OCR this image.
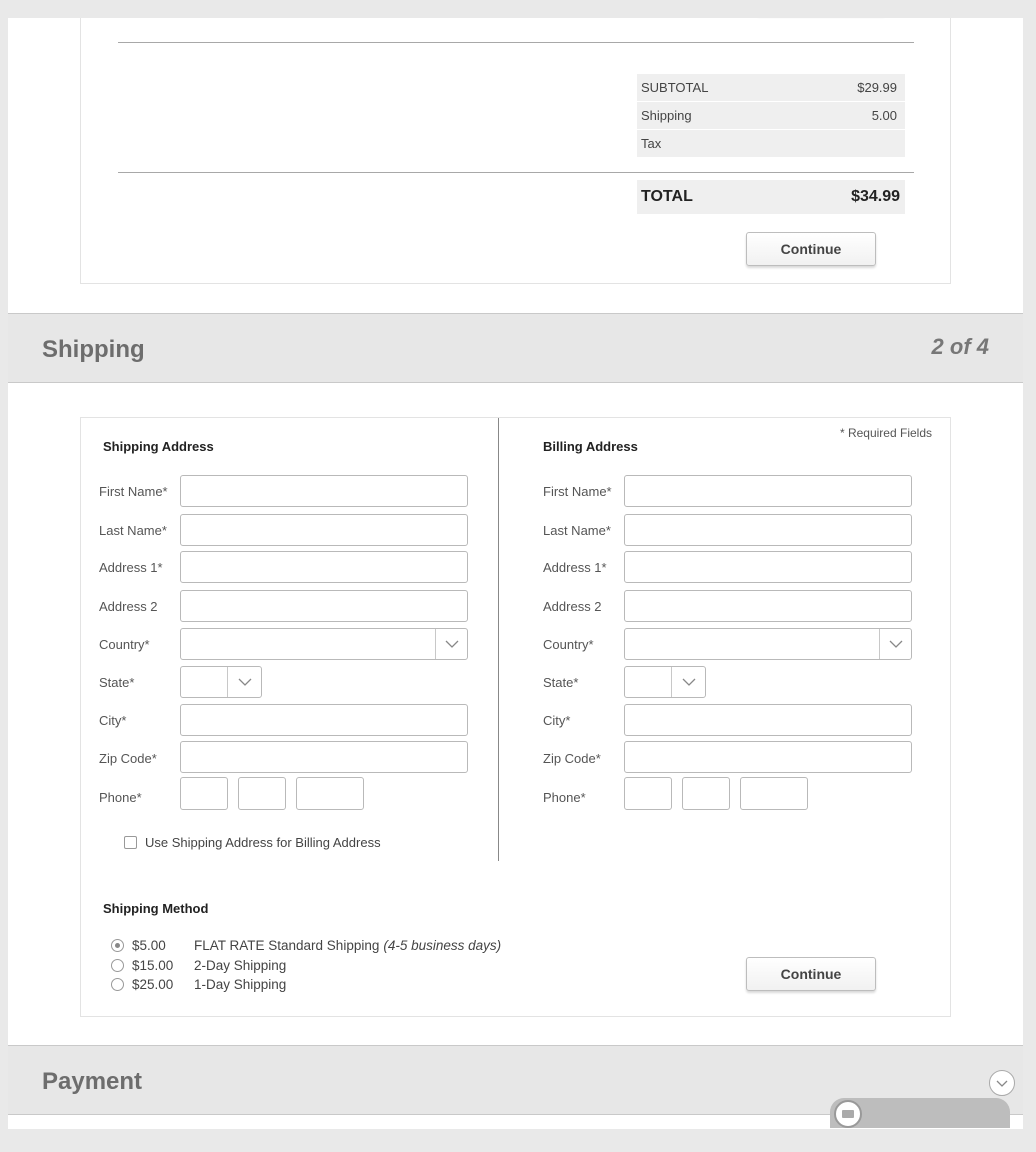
SUBTOTAL	$29.99
Shipping	5.00
Tax
TOTAL	$34.99
Continue
Shipping	2 of 4
* Required Fields
Shipping Address
First Name*
Last Name*
Address 1*
Address 2
Country*
State*
City*
Zip Code*
Phone*
Use Shipping Address for Billing Address
Billing Address
First Name*
Last Name*
Address 1*
Address 2
Country*
State*
City*
Zip Code*
Phone*
Shipping Method
$5.00	FLAT RATE Standard Shipping (4-5 business days)
$15.00	2-Day Shipping
$25.00	1-Day Shipping
Continue
Payment
